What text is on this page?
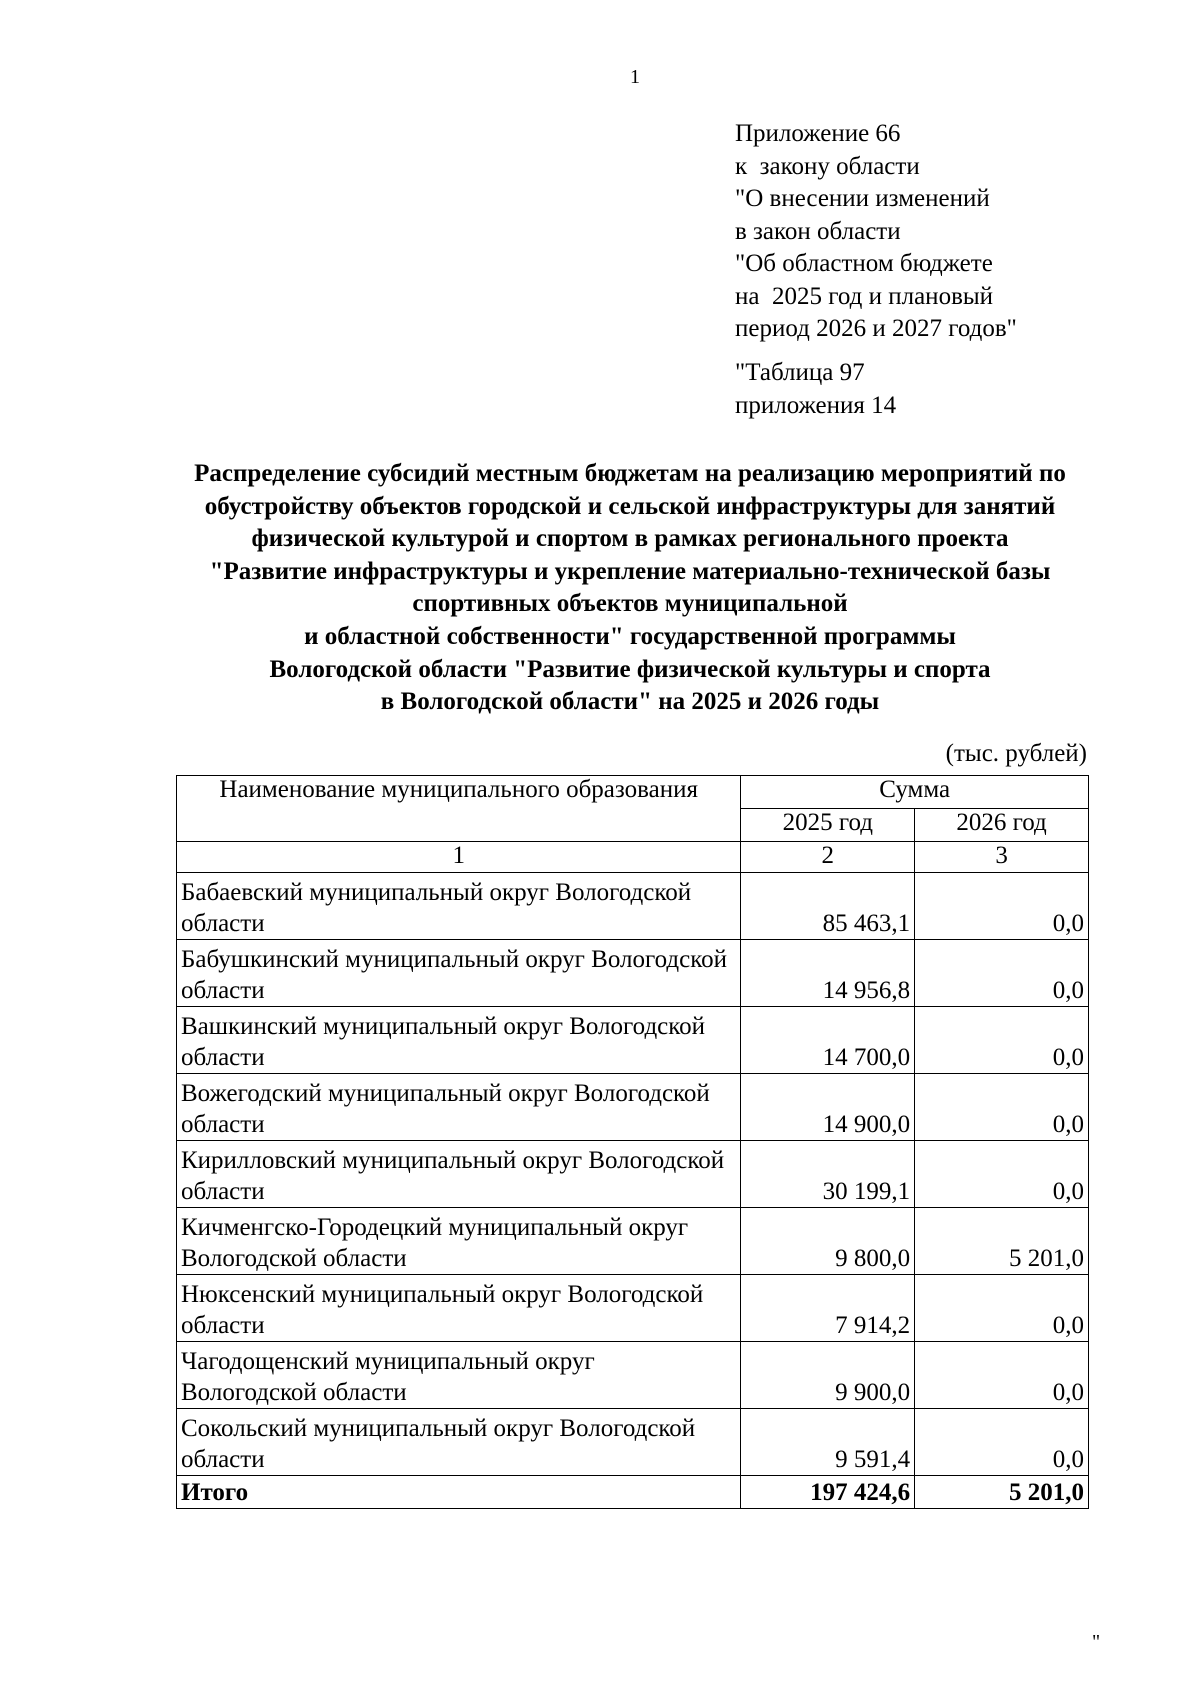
1
Приложение 66
к  закону области
"О внесении изменений
в закон области
"Об областном бюджете
на  2025 год и плановый
период 2026 и 2027 годов"
"Таблица 97
приложения 14
Распределение субсидий местным бюджетам на реализацию мероприятий по
обустройству объектов городской и сельской инфраструктуры для занятий
физической культурой и спортом в рамках регионального проекта
"Развитие инфраструктуры и укрепление материально-технической базы
спортивных объектов муниципальной
и областной собственности" государственной программы
Вологодской области "Развитие физической культуры и спорта
в Вологодской области" на 2025 и 2026 годы
(тыс. рублей)
Наименование муниципального образования	Сумма	
	2025 год	2026 год
1	2	3
Бабаевский муниципальный округ Вологодской области	85 463,1	0,0
Бабушкинский муниципальный округ Вологодской области	14 956,8	0,0
Вашкинский муниципальный округ Вологодской области	14 700,0	0,0
Вожегодский муниципальный округ Вологодской области	14 900,0	0,0
Кирилловский муниципальный округ Вологодской области	30 199,1	0,0
Кичменгско-Городецкий муниципальный округ Вологодской области	9 800,0	5 201,0
Нюксенский муниципальный округ Вологодской области	7 914,2	0,0
Чагодощенский муниципальный округ Вологодской области	9 900,0	0,0
Сокольский муниципальный округ Вологодской области	9 591,4	0,0
Итого	197 424,6	5 201,0
"
